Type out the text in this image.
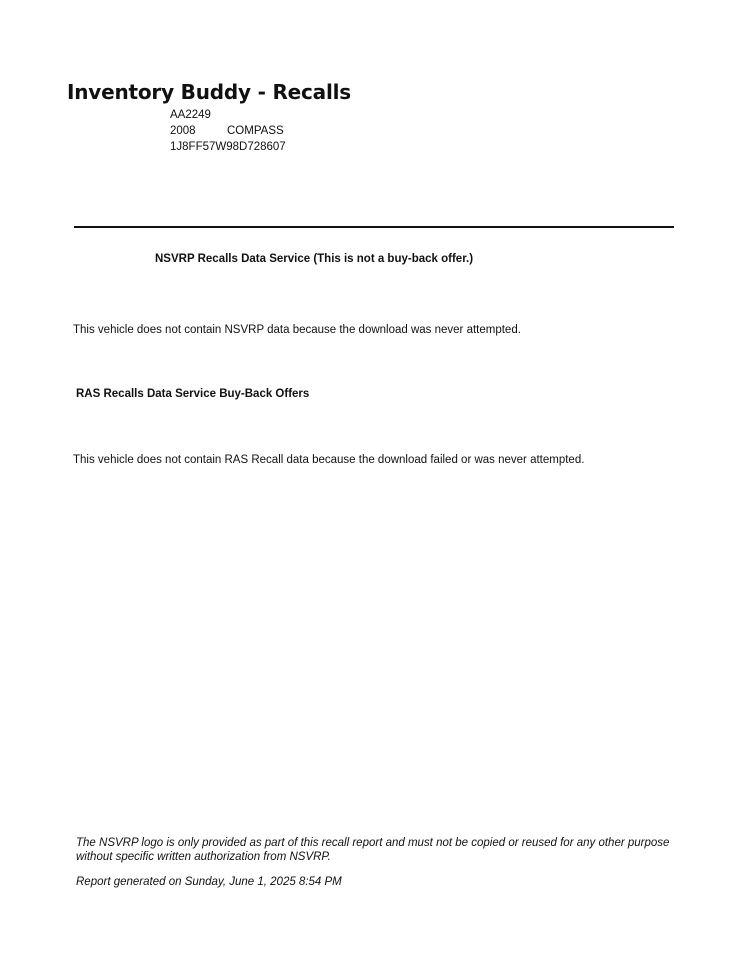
Inventory Buddy - Recalls
AA2249
2008	COMPASS
1J8FF57W98D728607
NSVRP Recalls Data Service (This is not a buy-back offer.)
This vehicle does not contain NSVRP data because the download was never attempted.
RAS Recalls Data Service Buy-Back Offers
This vehicle does not contain RAS Recall data because the download failed or was never attempted.
The NSVRP logo is only provided as part of this recall report and must not be copied or reused for any other purpose without specific written authorization from NSVRP.
Report generated on Sunday, June 1, 2025 8:54 PM
